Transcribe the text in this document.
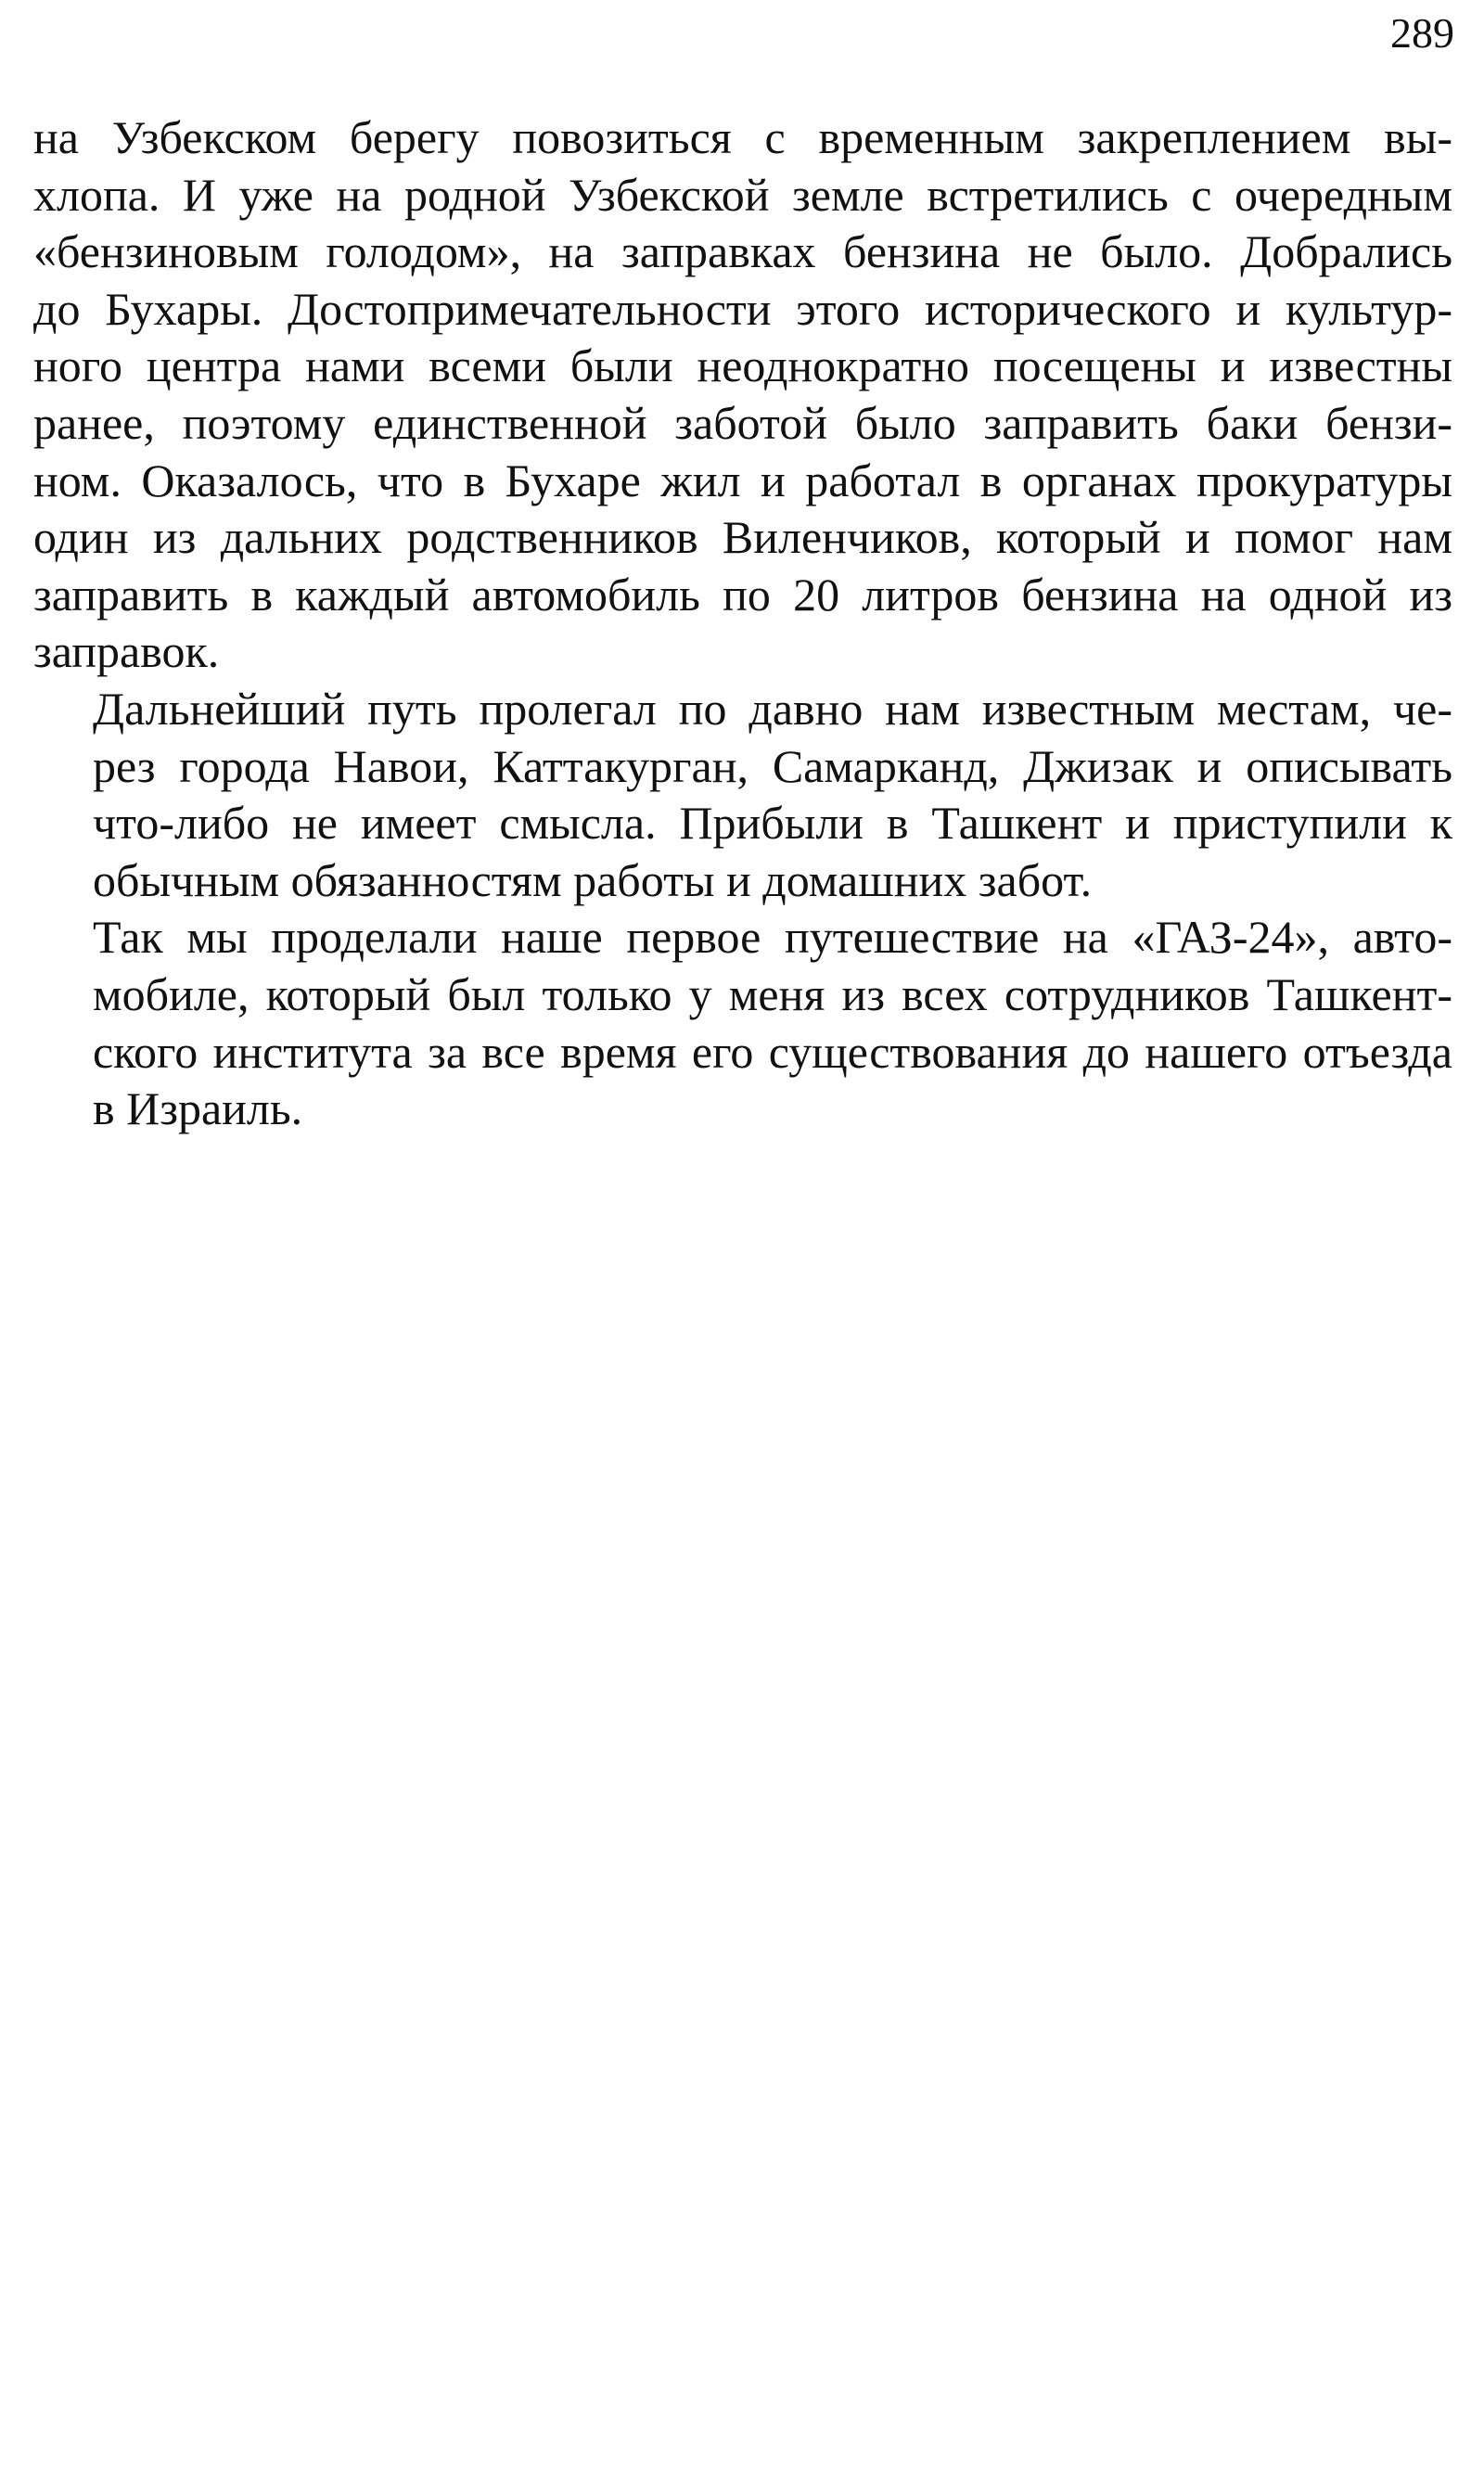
289

на Узбекском берегу повозиться с временным закреплением вы-
хлопа. И уже на родной Узбекской земле встретились с очередным
«бензиновым голодом», на заправках бензина не было. Добрались
до Бухары. Достопримечательности этого исторического и культур-
ного центра нами всеми были неоднократно посещены и известны
ранее, поэтому единственной заботой было заправить баки бензи-
ном. Оказалось, что в Бухаре жил и работал в органах прокуратуры
один из дальних родственников Виленчиков, который и помог нам
заправить в каждый автомобиль по 20 литров бензина на одной из
заправок.

Дальнейший путь пролегал по давно нам известным местам, че-
рез города Навои, Каттакурган, Самарканд, Джизак и описывать
что-либо не имеет смысла. Прибыли в Ташкент и приступили к
обычным обязанностям работы и домашних забот.

Так мы проделали наше первое путешествие на «ГАЗ-24», авто-
мобиле, который был только у меня из всех сотрудников Ташкент-
ского института за все время его существования до нашего отъезда
в Израиль.
